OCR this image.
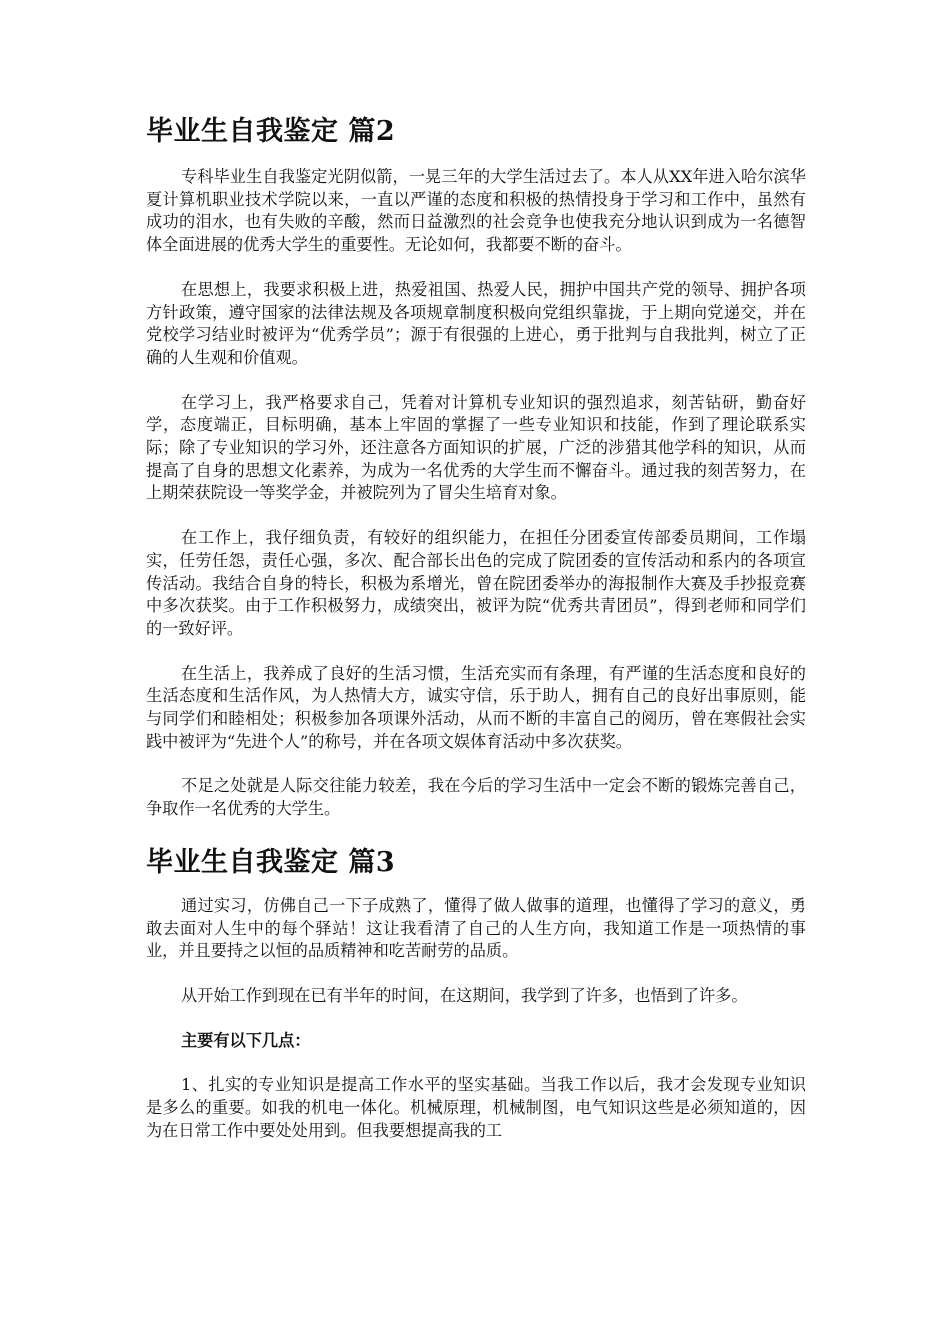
毕业生自我鉴定 篇2

专科毕业生自我鉴定光阴似箭，一晃三年的大学生活过去了。本人从XX年进入哈尔滨华夏计算机职业技术学院以来，一直以严谨的态度和积极的热情投身于学习和工作中，虽然有成功的泪水，也有失败的辛酸，然而日益激烈的社会竞争也使我充分地认识到成为一名德智体全面进展的优秀大学生的重要性。无论如何，我都要不断的奋斗。

在思想上，我要求积极上进，热爱祖国、热爱人民，拥护中国共产党的领导、拥护各项方针政策，遵守国家的法律法规及各项规章制度积极向党组织靠拢，于上期向党递交，并在党校学习结业时被评为“优秀学员”；源于有很强的上进心，勇于批判与自我批判，树立了正确的人生观和价值观。

在学习上，我严格要求自己，凭着对计算机专业知识的强烈追求，刻苦钻研，勤奋好学，态度端正，目标明确，基本上牢固的掌握了一些专业知识和技能，作到了理论联系实际；除了专业知识的学习外，还注意各方面知识的扩展，广泛的涉猎其他学科的知识，从而提高了自身的思想文化素养，为成为一名优秀的大学生而不懈奋斗。通过我的刻苦努力，在上期荣获院设一等奖学金，并被院列为了冒尖生培育对象。

在工作上，我仔细负责，有较好的组织能力，在担任分团委宣传部委员期间，工作塌实，任劳任怨，责任心强，多次、配合部长出色的完成了院团委的宣传活动和系内的各项宣传活动。我结合自身的特长，积极为系增光，曾在院团委举办的海报制作大赛及手抄报竞赛中多次获奖。由于工作积极努力，成绩突出，被评为院“优秀共青团员”，得到老师和同学们的一致好评。

在生活上，我养成了良好的生活习惯，生活充实而有条理，有严谨的生活态度和良好的生活态度和生活作风，为人热情大方，诚实守信，乐于助人，拥有自己的良好出事原则，能与同学们和睦相处；积极参加各项课外活动，从而不断的丰富自己的阅历，曾在寒假社会实践中被评为“先进个人”的称号，并在各项文娱体育活动中多次获奖。

不足之处就是人际交往能力较差，我在今后的学习生活中一定会不断的锻炼完善自己，争取作一名优秀的大学生。

毕业生自我鉴定 篇3

通过实习，仿佛自己一下子成熟了，懂得了做人做事的道理，也懂得了学习的意义，勇敢去面对人生中的每个驿站！这让我看清了自己的人生方向，我知道工作是一项热情的事业，并且要持之以恒的品质精神和吃苦耐劳的品质。

从开始工作到现在已有半年的时间，在这期间，我学到了许多，也悟到了许多。

主要有以下几点：

1、扎实的专业知识是提高工作水平的坚实基础。当我工作以后，我才会发现专业知识是多么的重要。如我的机电一体化。机械原理，机械制图，电气知识这些是必须知道的，因为在日常工作中要处处用到。但我要想提高我的工
